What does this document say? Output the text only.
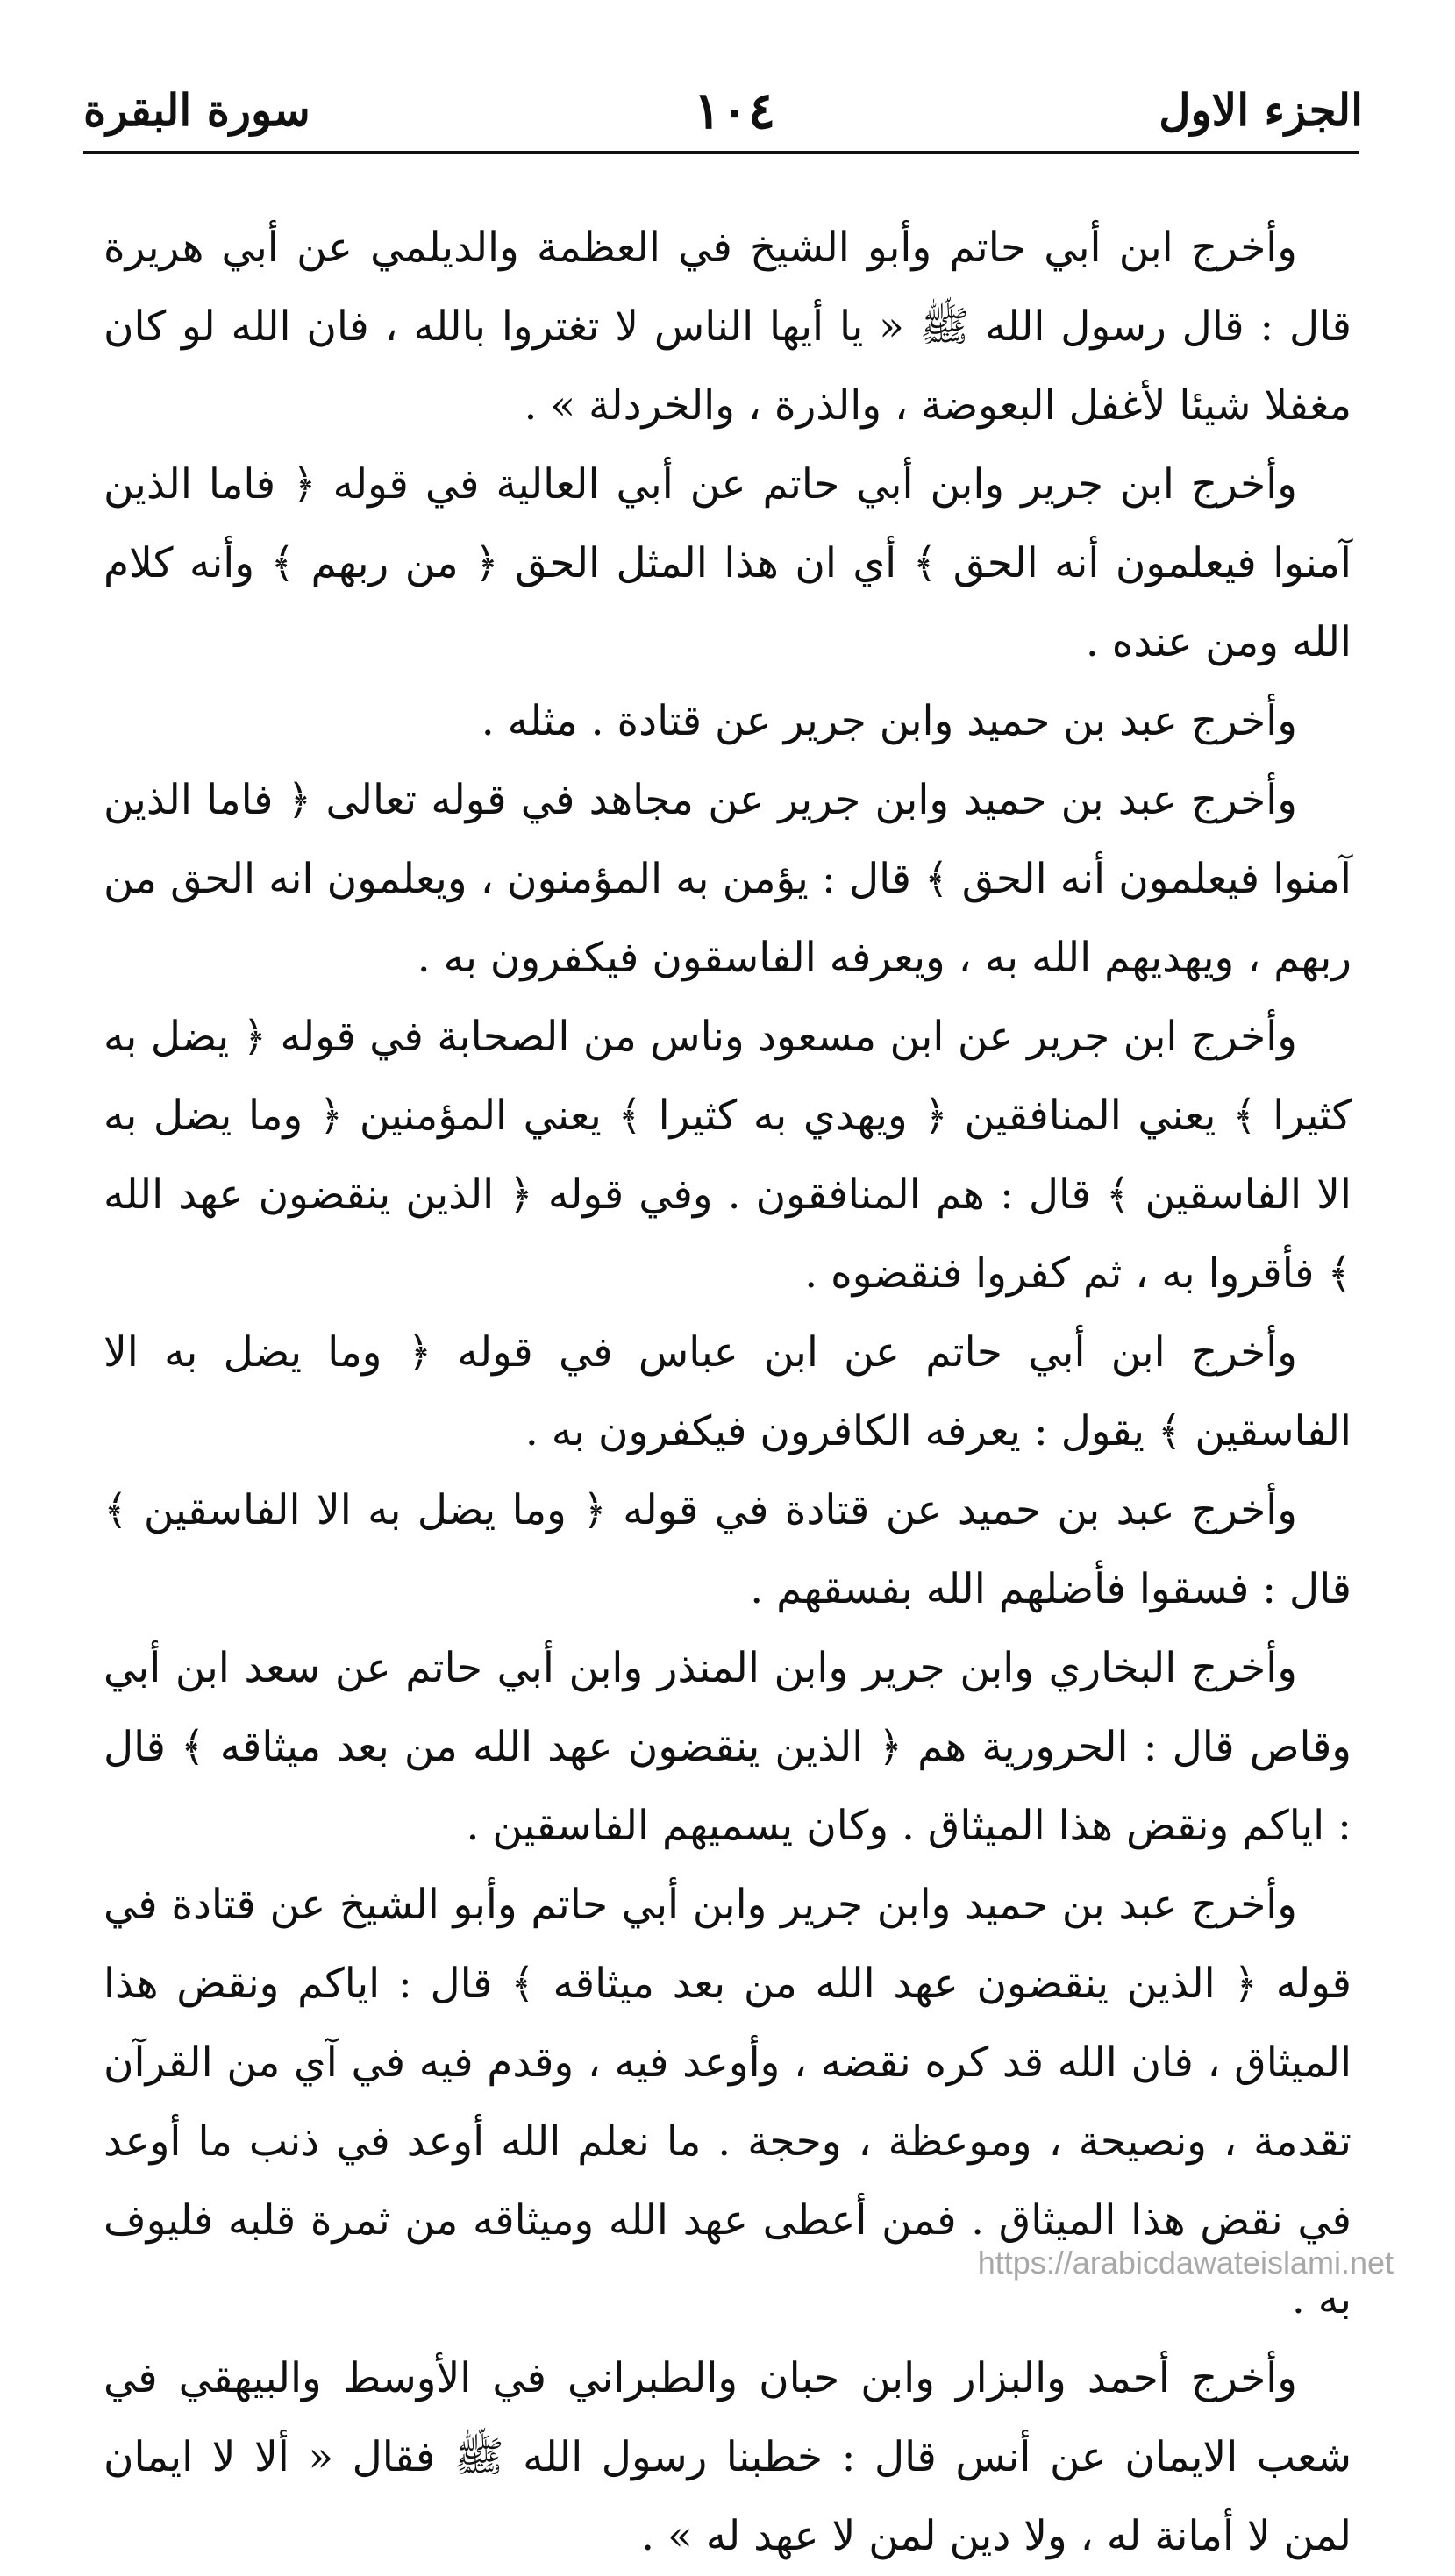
الجزء الاول
١٠٤
سورة البقرة

وأخرج ابن أبي حاتم وأبو الشيخ في العظمة والديلمي عن أبي هريرة قال : قال رسول الله ﷺ « يا أيها الناس لا تغتروا بالله ، فان الله لو كان مغفلا شيئا لأغفل البعوضة ، والذرة ، والخردلة » .

وأخرج ابن جرير وابن أبي حاتم عن أبي العالية في قوله ﴿ فاما الذين آمنوا فيعلمون أنه الحق ﴾ أي ان هذا المثل الحق ﴿ من ربهم ﴾ وأنه كلام الله ومن عنده .

وأخرج عبد بن حميد وابن جرير عن قتادة . مثله .

وأخرج عبد بن حميد وابن جرير عن مجاهد في قوله تعالى ﴿ فاما الذين آمنوا فيعلمون أنه الحق ﴾ قال : يؤمن به المؤمنون ، ويعلمون انه الحق من ربهم ، ويهديهم الله به ، ويعرفه الفاسقون فيكفرون به .

وأخرج ابن جرير عن ابن مسعود وناس من الصحابة في قوله ﴿ يضل به كثيرا ﴾ يعني المنافقين ﴿ ويهدي به كثيرا ﴾ يعني المؤمنين ﴿ وما يضل به الا الفاسقين ﴾ قال : هم المنافقون . وفي قوله ﴿ الذين ينقضون عهد الله ﴾ فأقروا به ، ثم كفروا فنقضوه .

وأخرج ابن أبي حاتم عن ابن عباس في قوله ﴿ وما يضل به الا الفاسقين ﴾ يقول : يعرفه الكافرون فيكفرون به .

وأخرج عبد بن حميد عن قتادة في قوله ﴿ وما يضل به الا الفاسقين ﴾ قال : فسقوا فأضلهم الله بفسقهم .

وأخرج البخاري وابن جرير وابن المنذر وابن أبي حاتم عن سعد ابن أبي وقاص قال : الحرورية هم ﴿ الذين ينقضون عهد الله من بعد ميثاقه ﴾ قال : اياكم ونقض هذا الميثاق . وكان يسميهم الفاسقين .

وأخرج عبد بن حميد وابن جرير وابن أبي حاتم وأبو الشيخ عن قتادة في قوله ﴿ الذين ينقضون عهد الله من بعد ميثاقه ﴾ قال : اياكم ونقض هذا الميثاق ، فان الله قد كره نقضه ، وأوعد فيه ، وقدم فيه في آي من القرآن تقدمة ، ونصيحة ، وموعظة ، وحجة . ما نعلم الله أوعد في ذنب ما أوعد في نقض هذا الميثاق . فمن أعطى عهد الله وميثاقه من ثمرة قلبه فليوف به .

وأخرج أحمد والبزار وابن حبان والطبراني في الأوسط والبيهقي في شعب الايمان عن أنس قال : خطبنا رسول الله ﷺ فقال « ألا لا ايمان لمن لا أمانة له ، ولا دين لمن لا عهد له » .

https://arabicdawateislami.net
